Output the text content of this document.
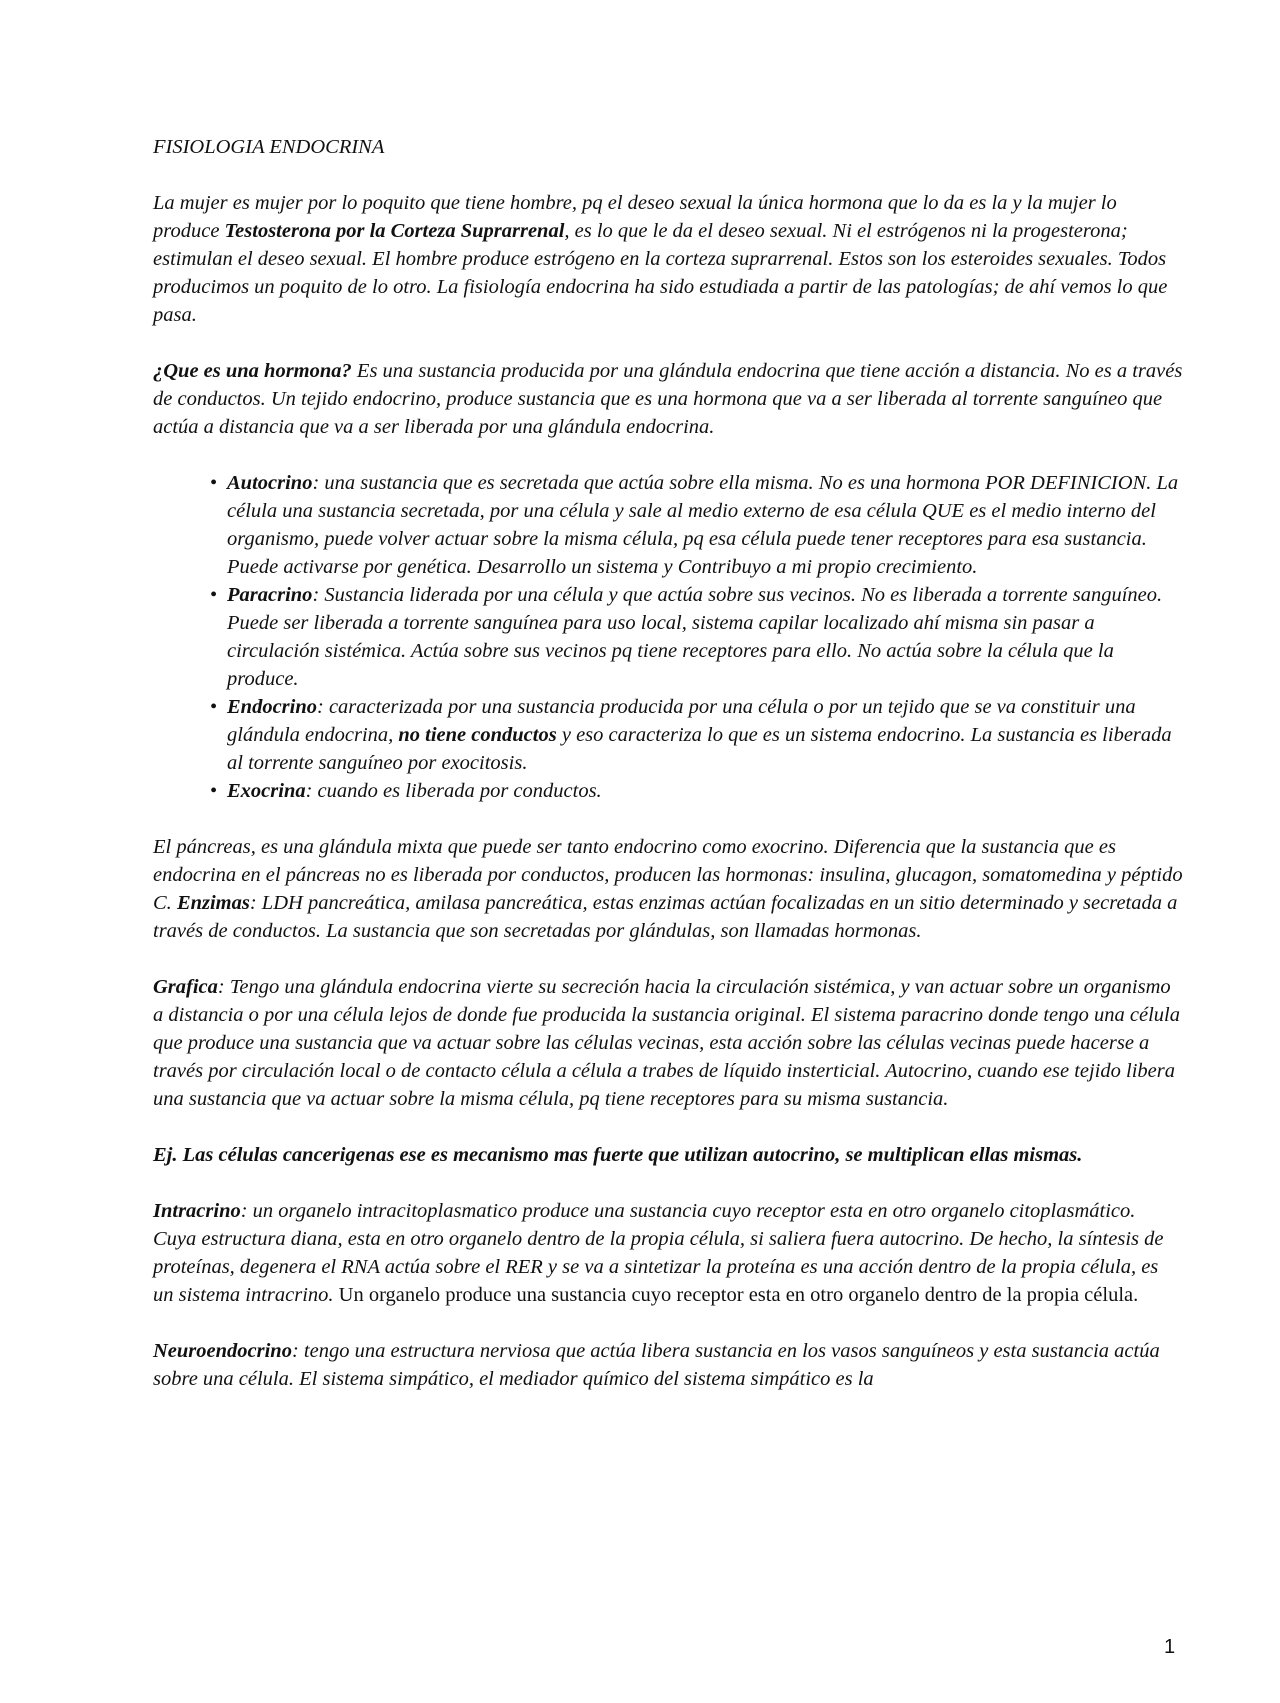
FISIOLOGIA ENDOCRINA

La mujer es mujer por lo poquito que tiene hombre, pq el deseo sexual la única hormona que lo da es la y la mujer lo produce Testosterona por la Corteza Suprarrenal, es lo que le da el deseo sexual. Ni el estrógenos ni la progesterona; estimulan el deseo sexual. El hombre produce estrógeno en la corteza suprarrenal. Estos son los esteroides sexuales. Todos producimos un poquito de lo otro. La fisiología endocrina ha sido estudiada a partir de las patologías; de ahí vemos lo que pasa.

¿Que es una hormona? Es una sustancia producida por una glándula endocrina que tiene acción a distancia. No es a través de conductos. Un tejido endocrino, produce sustancia que es una hormona que va a ser liberada al torrente sanguíneo que actúa a distancia que va a ser liberada por una glándula endocrina.

• Autocrino: una sustancia que es secretada que actúa sobre ella misma. No es una hormona POR DEFINICION. La célula una sustancia secretada, por una célula y sale al medio externo de esa célula QUE es el medio interno del organismo, puede volver actuar sobre la misma célula, pq esa célula puede tener receptores para esa sustancia. Puede activarse por genética. Desarrollo un sistema y Contribuyo a mi propio crecimiento.
• Paracrino: Sustancia liderada por una célula y que actúa sobre sus vecinos. No es liberada a torrente sanguíneo. Puede ser liberada a torrente sanguínea para uso local, sistema capilar localizado ahí misma sin pasar a circulación sistémica. Actúa sobre sus vecinos pq tiene receptores para ello. No actúa sobre la célula que la produce.
• Endocrino: caracterizada por una sustancia producida por una célula o por un tejido que se va constituir una glándula endocrina, no tiene conductos y eso caracteriza lo que es un sistema endocrino. La sustancia es liberada al torrente sanguíneo por exocitosis.
• Exocrina: cuando es liberada por conductos.

El páncreas, es una glándula mixta que puede ser tanto endocrino como exocrino. Diferencia que la sustancia que es endocrina en el páncreas no es liberada por conductos, producen las hormonas: insulina, glucagon, somatomedina y péptido C. Enzimas: LDH pancreática, amilasa pancreática, estas enzimas actúan focalizadas en un sitio determinado y secretada a través de conductos. La sustancia que son secretadas por glándulas, son llamadas hormonas.

Grafica: Tengo una glándula endocrina vierte su secreción hacia la circulación sistémica, y van actuar sobre un organismo a distancia o por una célula lejos de donde fue producida la sustancia original. El sistema paracrino donde tengo una célula que produce una sustancia que va actuar sobre las células vecinas, esta acción sobre las células vecinas puede hacerse a través por circulación local o de contacto célula a célula a trabes de líquido insterticial. Autocrino, cuando ese tejido libera una sustancia que va actuar sobre la misma célula, pq tiene receptores para su misma sustancia.

Ej. Las células cancerigenas ese es mecanismo mas fuerte que utilizan autocrino, se multiplican ellas mismas.

Intracrino: un organelo intracitoplasmatico produce una sustancia cuyo receptor esta en otro organelo citoplasmático. Cuya estructura diana, esta en otro organelo dentro de la propia célula, si saliera fuera autocrino. De hecho, la síntesis de proteínas, degenera el RNA actúa sobre el RER y se va a sintetizar la proteína es una acción dentro de la propia célula, es un sistema intracrino. Un organelo produce una sustancia cuyo receptor esta en otro organelo dentro de la propia célula.

Neuroendocrino: tengo una estructura nerviosa que actúa libera sustancia en los vasos sanguíneos y esta sustancia actúa sobre una célula. El sistema simpático, el mediador químico del sistema simpático es la

1
